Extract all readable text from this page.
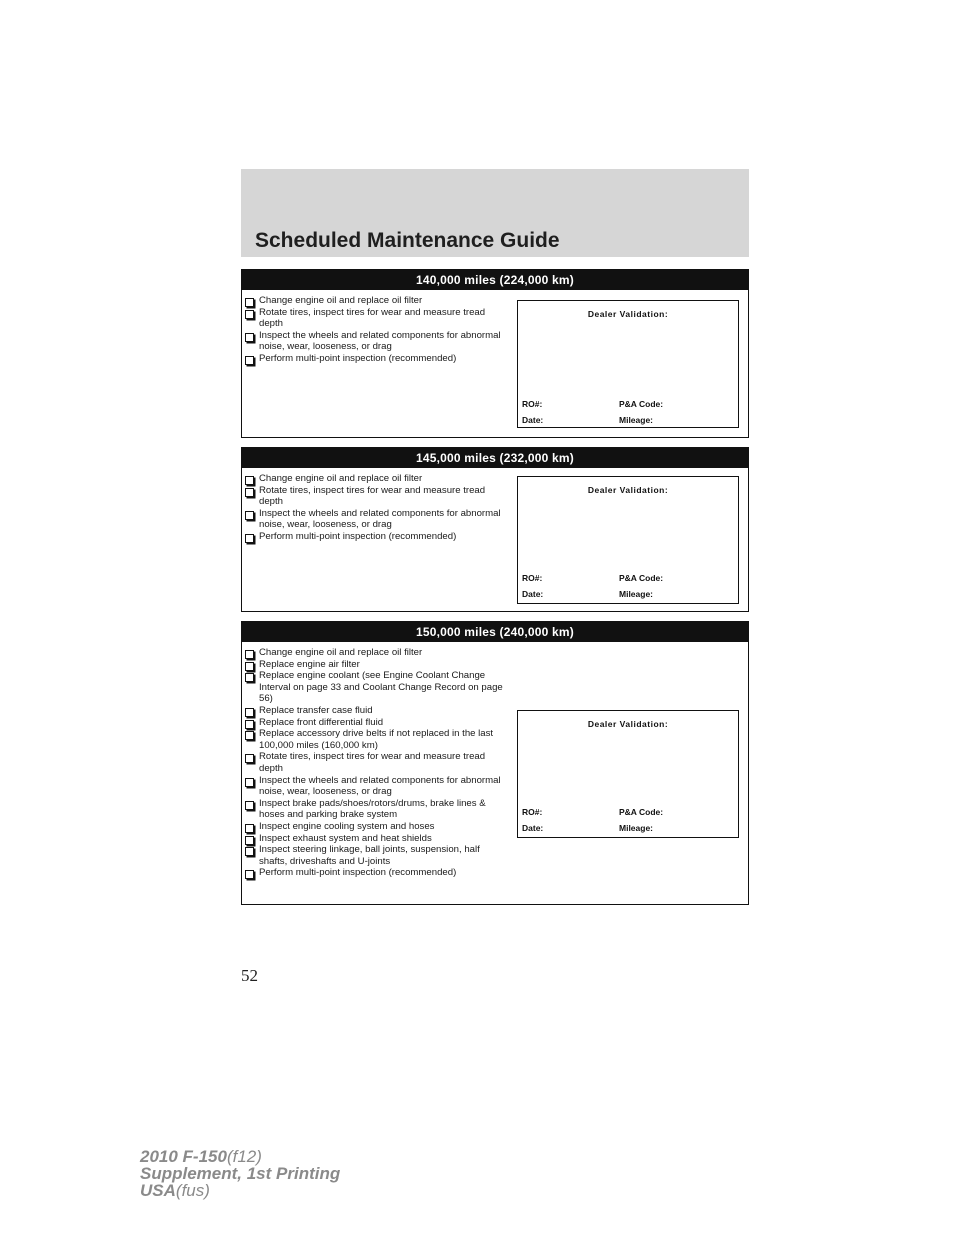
Scheduled Maintenance Guide
140,000 miles (224,000 km)
Change engine oil and replace oil filter
Rotate tires, inspect tires for wear and measure tread depth
Inspect the wheels and related components for abnormal noise, wear, looseness, or drag
Perform multi-point inspection (recommended)
Dealer Validation:
RO#:	P&A Code:
Date:	Mileage:
145,000 miles (232,000 km)
Change engine oil and replace oil filter
Rotate tires, inspect tires for wear and measure tread depth
Inspect the wheels and related components for abnormal noise, wear, looseness, or drag
Perform multi-point inspection (recommended)
Dealer Validation:
RO#:	P&A Code:
Date:	Mileage:
150,000 miles (240,000 km)
Change engine oil and replace oil filter
Replace engine air filter
Replace engine coolant (see Engine Coolant Change Interval on page 33 and Coolant Change Record on page 56)
Replace transfer case fluid
Replace front differential fluid
Replace accessory drive belts if not replaced in the last 100,000 miles (160,000 km)
Rotate tires, inspect tires for wear and measure tread depth
Inspect the wheels and related components for abnormal noise, wear, looseness, or drag
Inspect brake pads/shoes/rotors/drums, brake lines & hoses and parking brake system
Inspect engine cooling system and hoses
Inspect exhaust system and heat shields
Inspect steering linkage, ball joints, suspension, half shafts, driveshafts and U-joints
Perform multi-point inspection (recommended)
Dealer Validation:
RO#:	P&A Code:
Date:	Mileage:
52
2010 F-150(f12)
Supplement, 1st Printing
USA(fus)
